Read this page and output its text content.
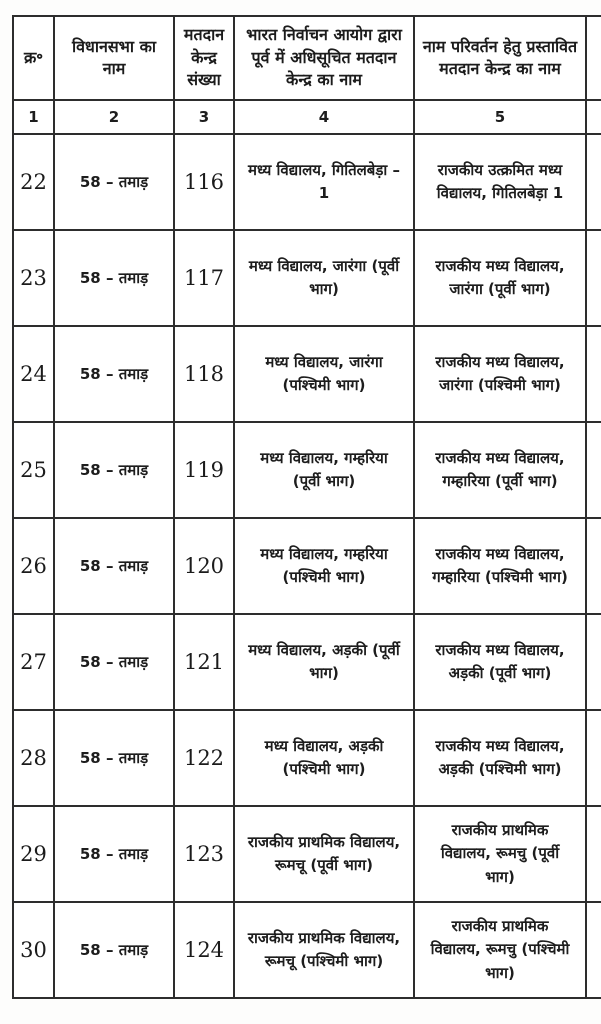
क्र॰	विधानसभा का नाम	मतदान केन्द्र संख्या	भारत निर्वाचन आयोग द्वारा पूर्व में अधिसूचित मतदान केन्द्र का नाम	नाम परिवर्तन हेतु प्रस्तावित मतदान केन्द्र का नाम	
1	2	3	4	5	
22	58 – तमाड़	116	मध्य विद्यालय, गितिलबेड़ा –1	राजकीय उत्क्रमित मध्य विद्यालय, गितिलबेड़ा 1	
23	58 – तमाड़	117	मध्य विद्यालय, जारंगा (पूर्वी भाग)	राजकीय मध्य विद्यालय, जारंगा (पूर्वी भाग)	
24	58 – तमाड़	118	मध्य विद्यालय, जारंगा (पश्चिमी भाग)	राजकीय मध्य विद्यालय, जारंगा (पश्चिमी भाग)	
25	58 – तमाड़	119	मध्य विद्यालय, गम्हरिया (पूर्वी भाग)	राजकीय मध्य विद्यालय, गम्हारिया (पूर्वी भाग)	
26	58 – तमाड़	120	मध्य विद्यालय, गम्हरिया (पश्चिमी भाग)	राजकीय मध्य विद्यालय, गम्हारिया (पश्चिमी भाग)	
27	58 – तमाड़	121	मध्य विद्यालय, अड़की (पूर्वी भाग)	राजकीय मध्य विद्यालय, अड़की (पूर्वी भाग)	
28	58 – तमाड़	122	मध्य विद्यालय, अड़की (पश्चिमी भाग)	राजकीय मध्य विद्यालय, अड़की (पश्चिमी भाग)	
29	58 – तमाड़	123	राजकीय प्राथमिक विद्यालय, रूमचू (पूर्वी भाग)	राजकीय प्राथमिक विद्यालय, रूमचु (पूर्वी भाग)	
30	58 – तमाड़	124	राजकीय प्राथमिक विद्यालय, रूमचू (पश्चिमी भाग)	राजकीय प्राथमिक विद्यालय, रूमचु (पश्चिमी भाग)	
